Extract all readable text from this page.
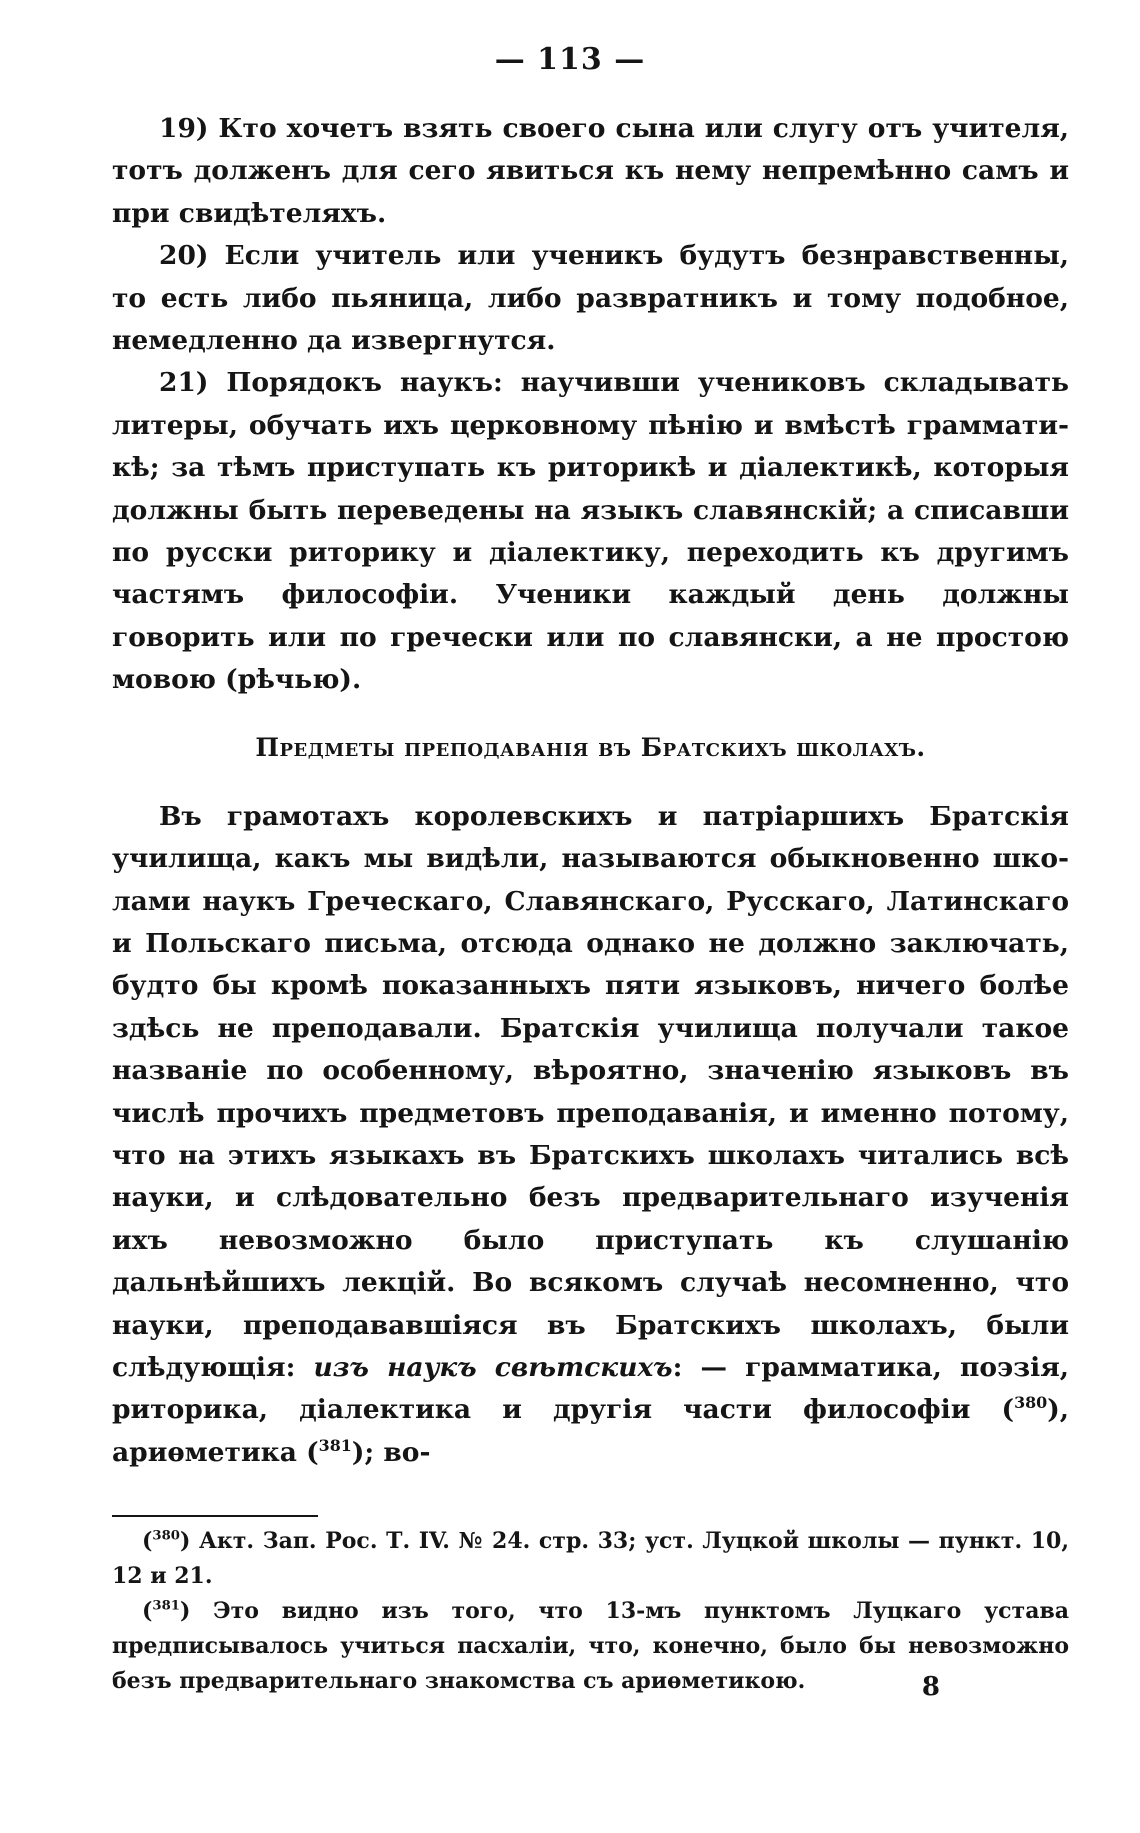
— 113 —

19) Кто хочетъ взять своего сына или слугу отъ учителя, тотъ долженъ для сего явиться къ нему непремѣнно самъ и при свидѣтеляхъ.

20) Если учитель или ученикъ будутъ безнравственны, то есть либо пьяница, либо развратникъ и тому подобное, немедленно да извергнутся.

21) Порядокъ наукъ: научивши учениковъ складывать литеры, обучать ихъ церковному пѣнію и вмѣстѣ грамматикѣ; за тѣмъ приступать къ риторикѣ и діалектикѣ, которыя должны быть переведены на языкъ славянскій; а списавши по русски риторику и діалектику, переходить къ другимъ частямъ философіи. Ученики каждый день должны говорить или по гречески или по славянски, а не простою мовою (рѣчью).

Предметы преподаванія въ Братскихъ школахъ.

Въ грамотахъ королевскихъ и патріаршихъ Братскія училища, какъ мы видѣли, называются обыкновенно школами наукъ Греческаго, Славянскаго, Русскаго, Латинскаго и Польскаго письма, отсюда однако не должно заключать, будто бы кромѣ показанныхъ пяти языковъ, ничего болѣе здѣсь не преподавали. Братскія училища получали такое названіе по особенному, вѣроятно, значенію языковъ въ числѣ прочихъ предметовъ преподаванія, и именно потому, что на этихъ языкахъ въ Братскихъ школахъ читались всѣ науки, и слѣдовательно безъ предварительнаго изученія ихъ невозможно было приступать къ слушанію дальнѣйшихъ лекцій. Во всякомъ случаѣ несомненно, что науки, преподававшіяся въ Братскихъ школахъ, были слѣдующія: изъ наукъ свѣтскихъ: — грамматика, поэзія, риторика, діалектика и другія части философіи ($^{380}$), ариѳметика ($^{381}$); во-

($^{380}$) Акт. Зап. Рос. Т. IV. № 24. стр. 33; уст. Луцкой школы — пункт. 10, 12 и 21.

($^{381}$) Это видно изъ того, что 13-мъ пунктомъ Луцкаго устава предписывалось учиться пасхаліи, что, конечно, было бы невозможно безъ предварительнаго знакомства съ ариѳметикою.	8
